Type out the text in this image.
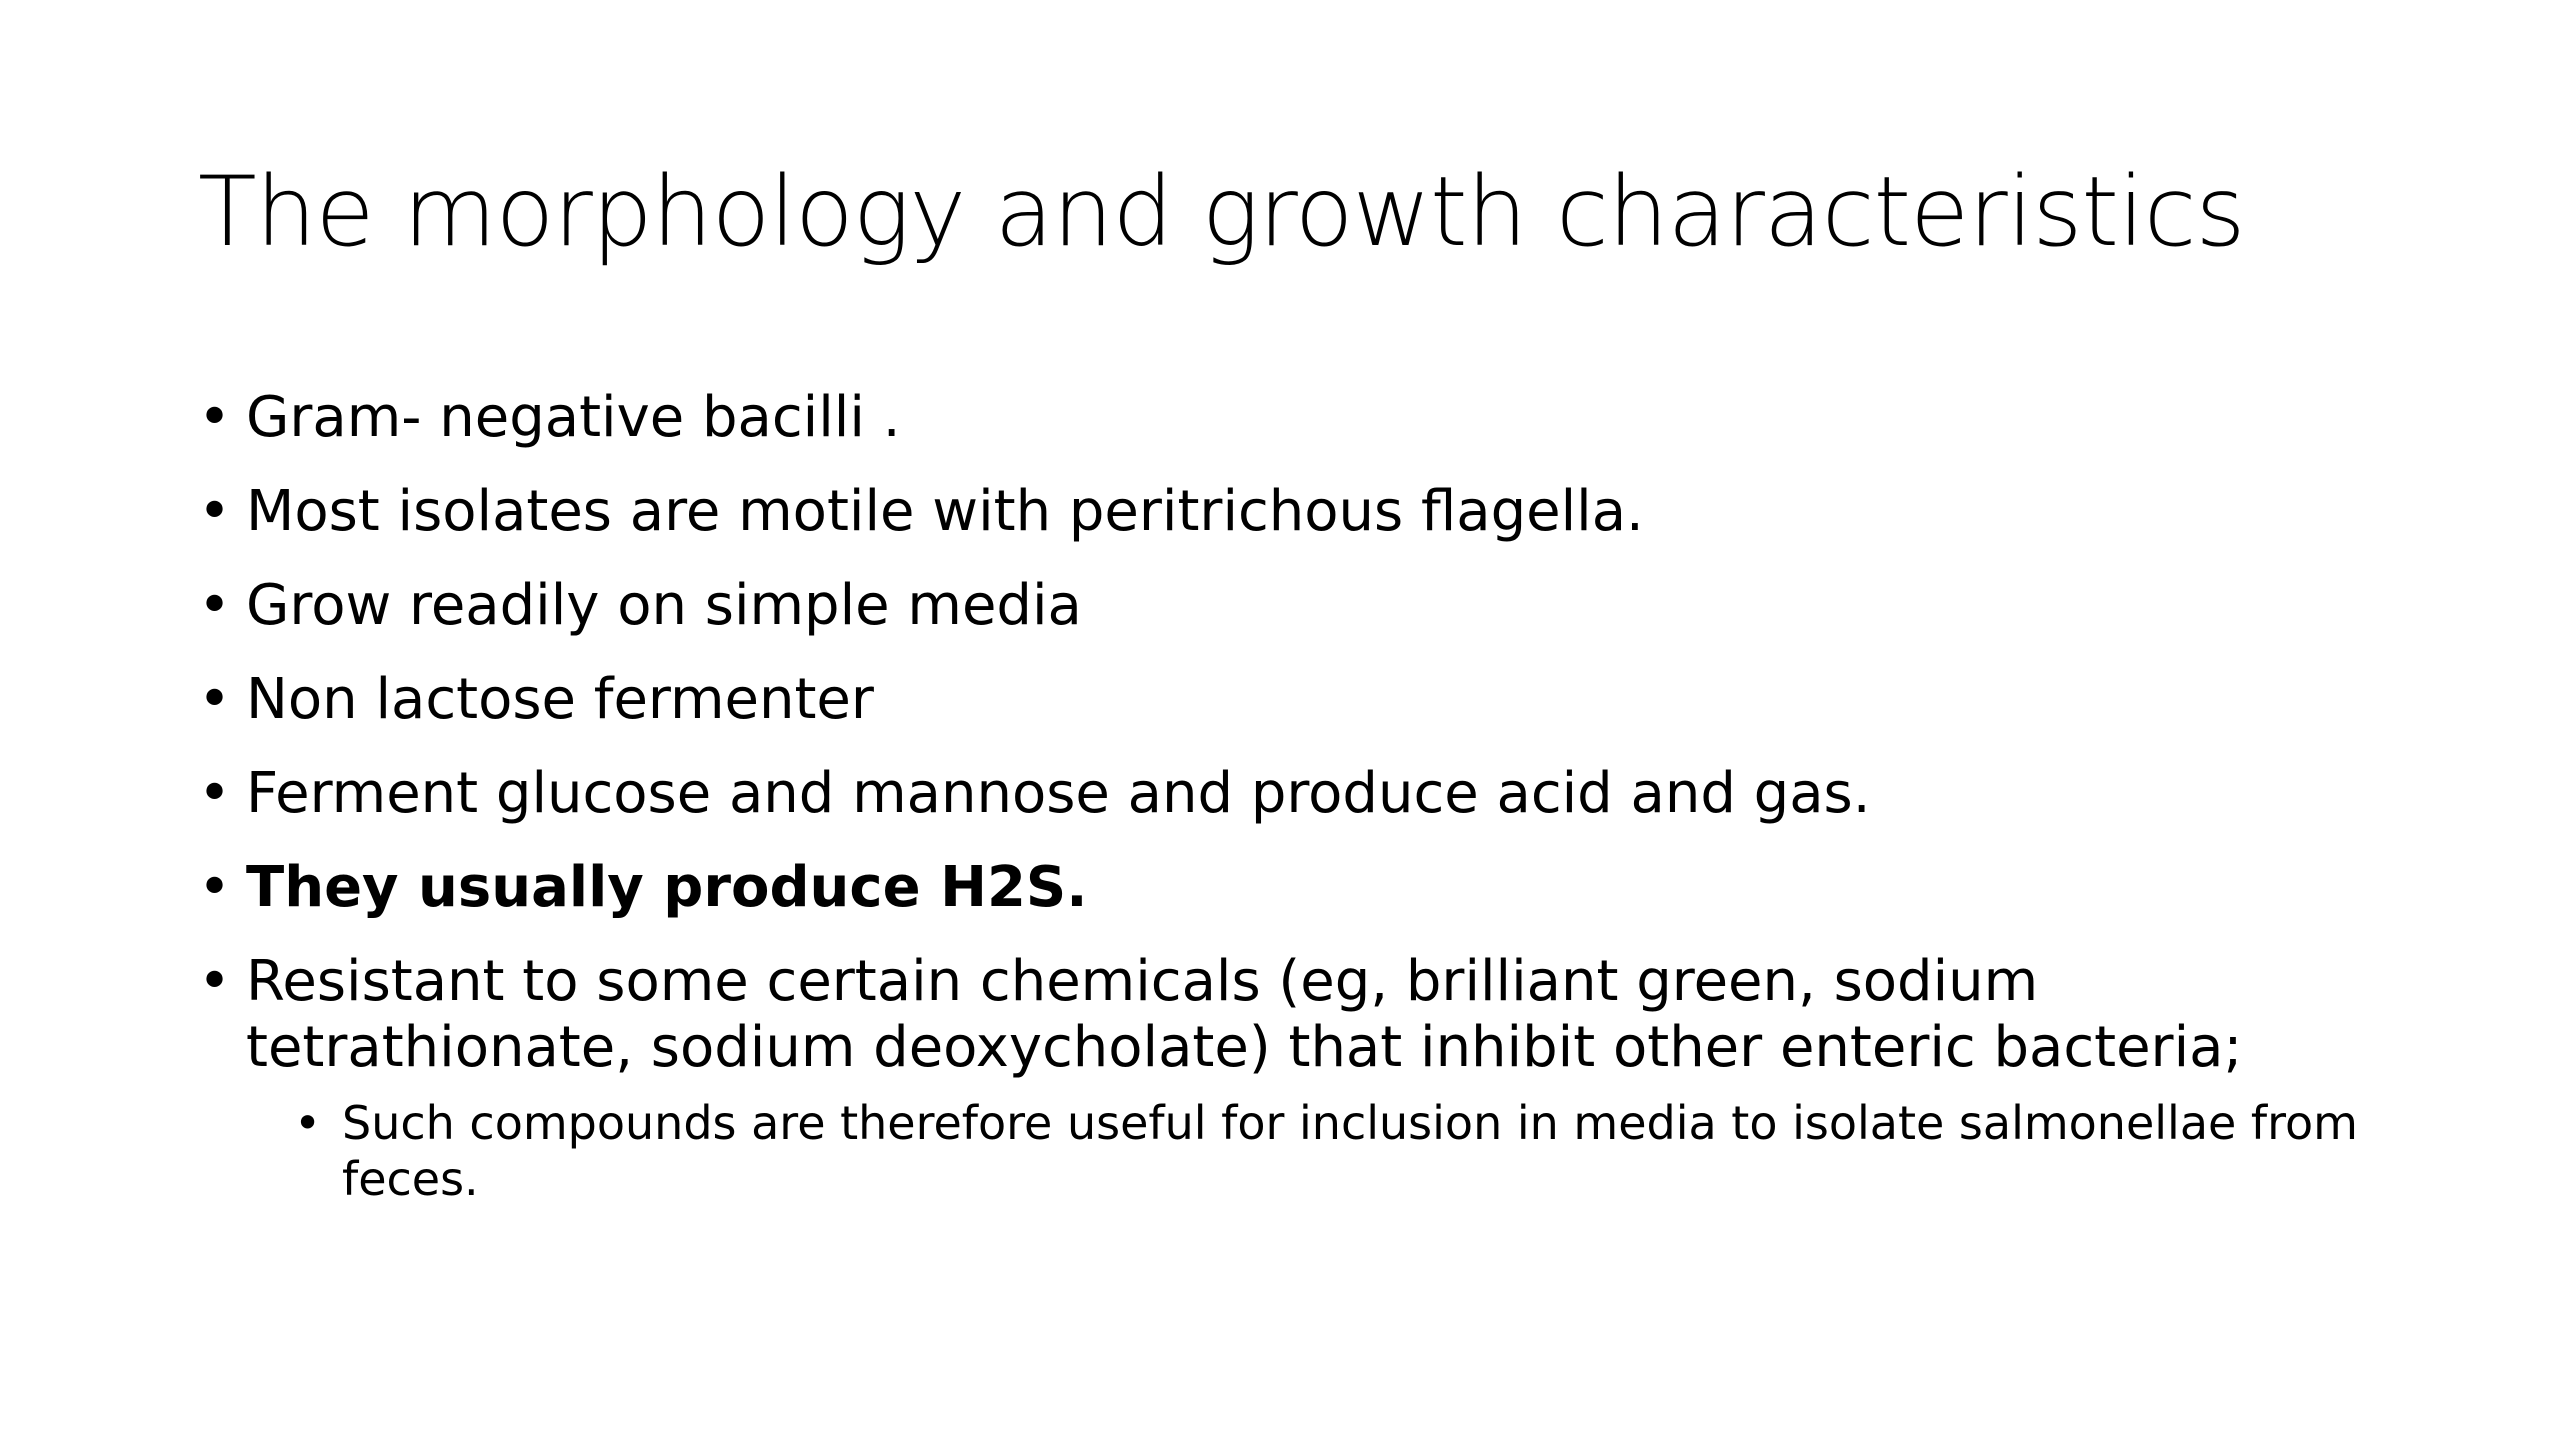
The morphology and growth characteristics
• Gram- negative bacilli .
• Most isolates are motile with peritrichous flagella.
• Grow readily on simple media
• Non lactose fermenter
• Ferment glucose and mannose and produce acid and gas.
• They usually produce H2S.
• Resistant to some certain chemicals (eg, brilliant green, sodium tetrathionate, sodium deoxycholate) that inhibit other enteric bacteria;
• Such compounds are therefore useful for inclusion in media to isolate salmonellae from feces.
